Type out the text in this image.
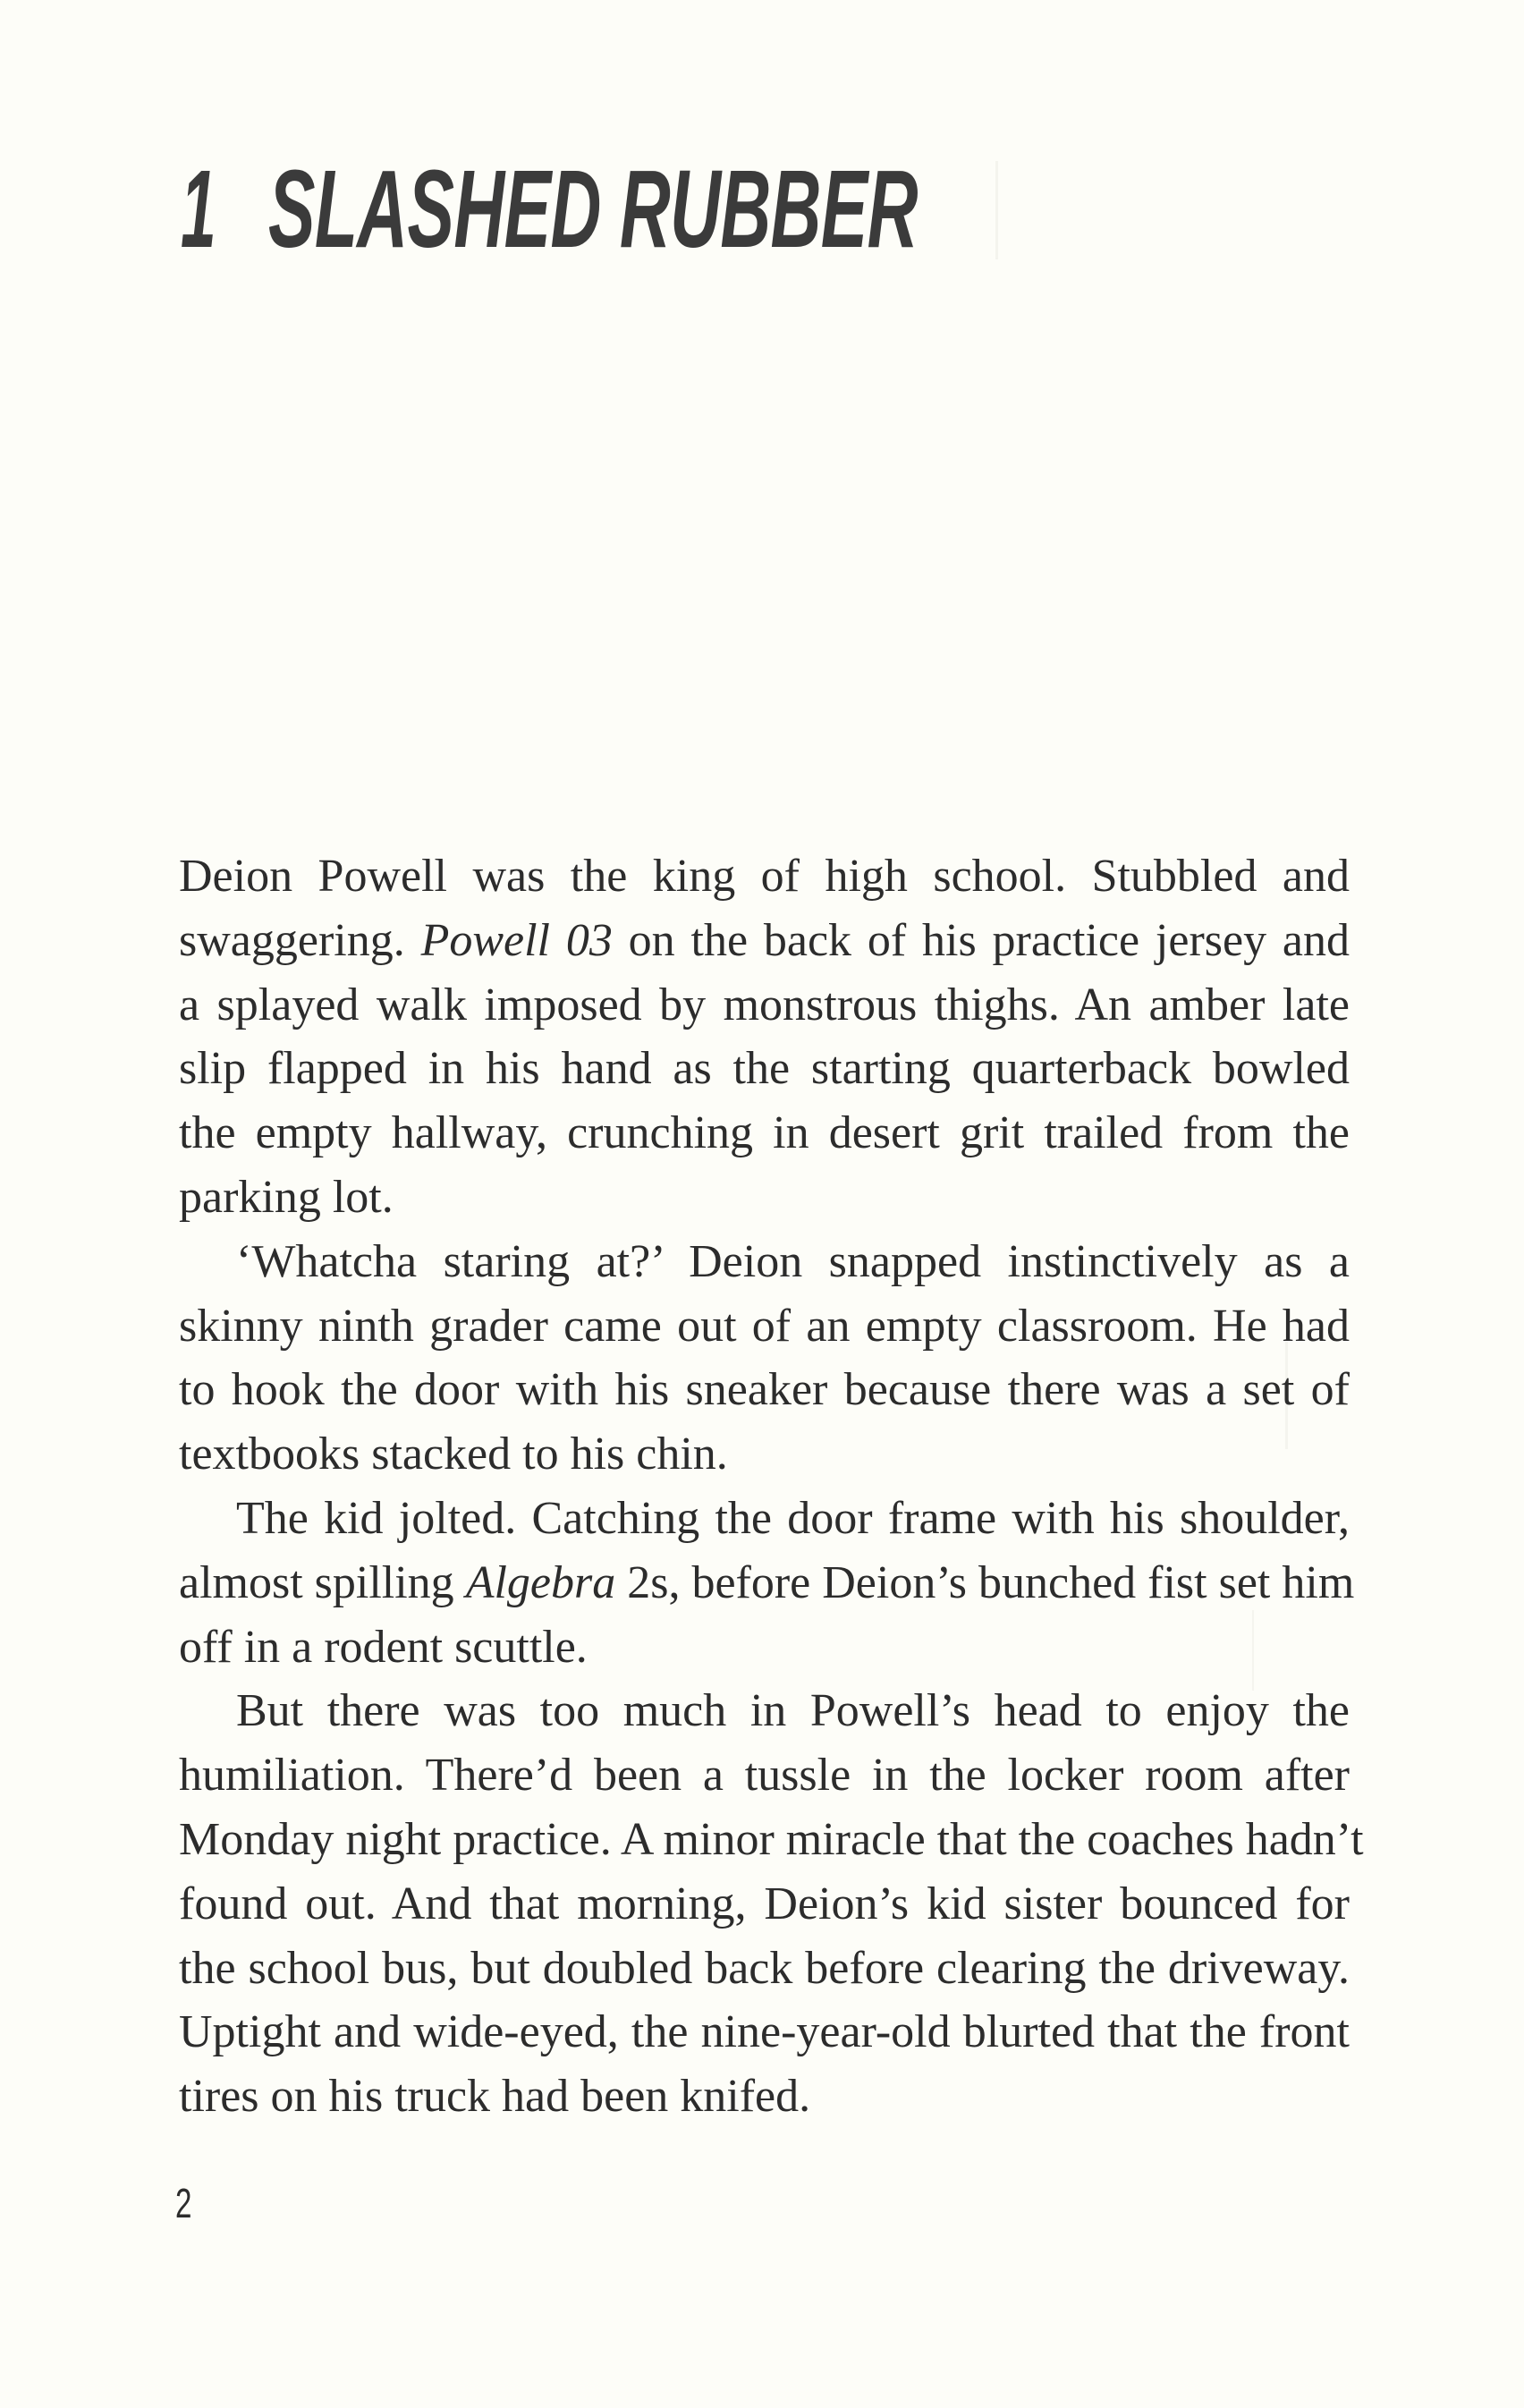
1 SLASHED RUBBER
Deion Powell was the king of high school. Stubbled and
swaggering. Powell 03 on the back of his practice jersey and
a splayed walk imposed by monstrous thighs. An amber late
slip flapped in his hand as the starting quarterback bowled
the empty hallway, crunching in desert grit trailed from the
parking lot.
‘Whatcha staring at?’ Deion snapped instinctively as a
skinny ninth grader came out of an empty classroom. He had
to hook the door with his sneaker because there was a set of
textbooks stacked to his chin.
The kid jolted. Catching the door frame with his shoulder,
almost spilling Algebra 2s, before Deion’s bunched fist set him
off in a rodent scuttle.
But there was too much in Powell’s head to enjoy the
humiliation. There’d been a tussle in the locker room after
Monday night practice. A minor miracle that the coaches hadn’t
found out. And that morning, Deion’s kid sister bounced for
the school bus, but doubled back before clearing the driveway.
Uptight and wide-eyed, the nine-year-old blurted that the front
tires on his truck had been knifed.
2
